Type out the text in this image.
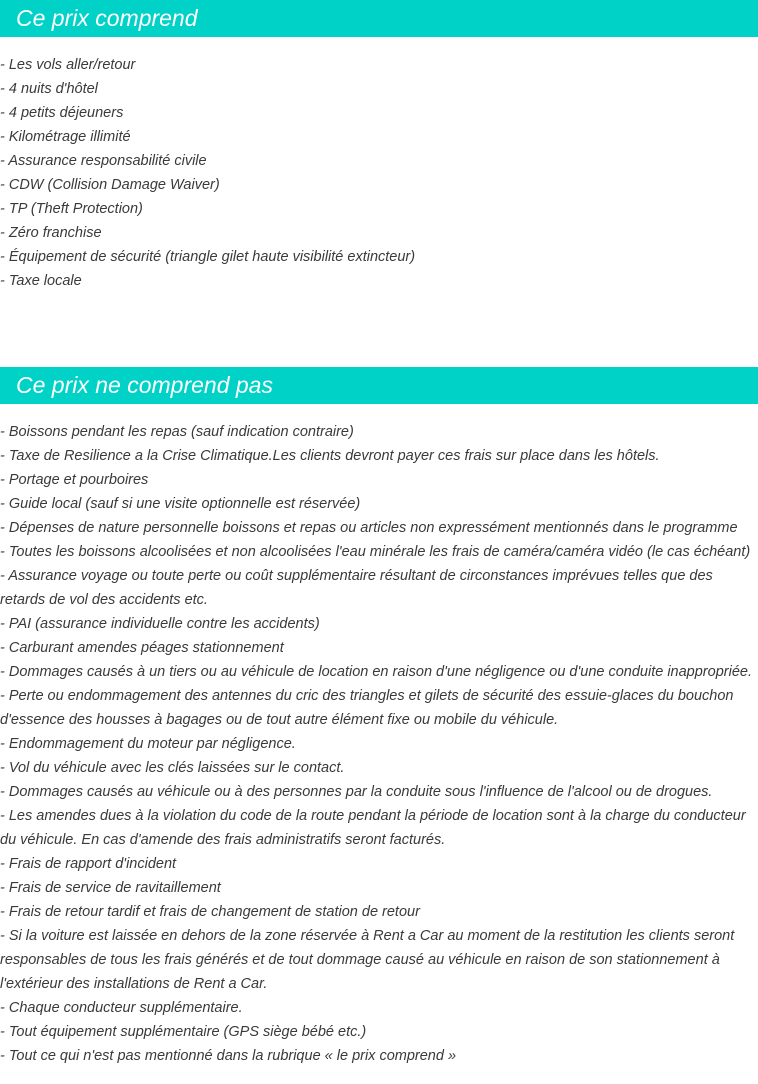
Ce prix comprend
- Les vols aller/retour
- 4 nuits d'hôtel
- 4 petits déjeuners
- Kilométrage illimité
- Assurance responsabilité civile
- CDW (Collision Damage Waiver)
- TP (Theft Protection)
- Zéro franchise
- Équipement de sécurité (triangle gilet haute visibilité extincteur)
- Taxe locale
Ce prix ne comprend pas
- Boissons pendant les repas (sauf indication contraire)
- Taxe de Resilience a la Crise Climatique.Les clients devront payer ces frais sur place dans les hôtels.
- Portage et pourboires
- Guide local (sauf si une visite optionnelle est réservée)
- Dépenses de nature personnelle boissons et repas ou articles non expressément mentionnés dans le programme
- Toutes les boissons alcoolisées et non alcoolisées l'eau minérale les frais de caméra/caméra vidéo (le cas échéant)
- Assurance voyage ou toute perte ou coût supplémentaire résultant de circonstances imprévues telles que des retards de vol des accidents etc.
- PAI (assurance individuelle contre les accidents)
- Carburant amendes péages stationnement
- Dommages causés à un tiers ou au véhicule de location en raison d'une négligence ou d'une conduite inappropriée.
- Perte ou endommagement des antennes du cric des triangles et gilets de sécurité des essuie-glaces du bouchon d'essence des housses à bagages ou de tout autre élément fixe ou mobile du véhicule.
- Endommagement du moteur par négligence.
- Vol du véhicule avec les clés laissées sur le contact.
- Dommages causés au véhicule ou à des personnes par la conduite sous l'influence de l'alcool ou de drogues.
- Les amendes dues à la violation du code de la route pendant la période de location sont à la charge du conducteur du véhicule. En cas d'amende des frais administratifs seront facturés.
- Frais de rapport d'incident
- Frais de service de ravitaillement
- Frais de retour tardif et frais de changement de station de retour
- Si la voiture est laissée en dehors de la zone réservée à Rent a Car au moment de la restitution les clients seront responsables de tous les frais générés et de tout dommage causé au véhicule en raison de son stationnement à l'extérieur des installations de Rent a Car.
- Chaque conducteur supplémentaire.
- Tout équipement supplémentaire (GPS siège bébé etc.)
- Tout ce qui n'est pas mentionné dans la rubrique « le prix comprend »
